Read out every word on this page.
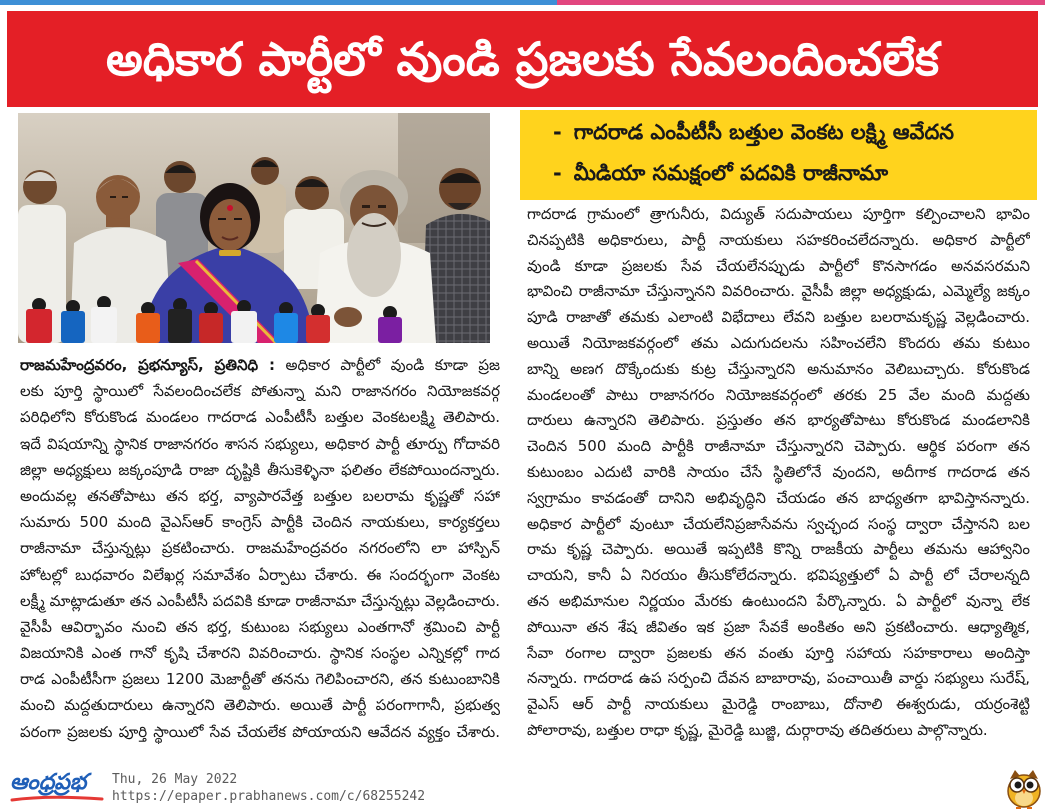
అధికార పార్టీలో వుండి ప్రజలకు సేవలందించలేక
- గాదరాడ ఎంపీటీసీ బత్తుల వెంకట లక్ష్మి ఆవేదన
- మీడియా సమక్షంలో పదవికి రాజీనామా
రాజమహేంద్రవరం, ప్రభన్యూస్, ప్రతినిధి : అధికార పార్టీలో వుండి కూడా ప్రజ
లకు పూర్తి స్థాయిలో సేవలందించలేక పోతున్నా మని రాజానగరం నియోజకవర్గ
పరిధిలోని కోరుకొండ మండలం గాదరాడ ఎంపీటీసీ బత్తుల వెంకటలక్ష్మి తెలిపారు.
ఇదే విషయాన్ని స్థానిక రాజానగరం శాసన సభ్యులు, అధికార పార్టీ తూర్పు గోదావరి
జిల్లా అధ్యక్షులు జక్కంపూడి రాజా దృష్టికి తీసుకెళ్ళినా ఫలితం లేకపోయిందన్నారు.
అందువల్ల తనతోపాటు తన భర్త, వ్యాపారవేత్త బత్తుల బలరామ కృష్ణతో సహా
సుమారు 500 మంది వైఎస్ఆర్ కాంగ్రెస్ పార్టీకి చెందిన నాయకులు, కార్యకర్తలు
రాజీనామా చేస్తున్నట్లు ప్రకటించారు. రాజమహేంద్రవరం నగరంలోని లా హాస్పిన్
హోటల్లో బుధవారం విలేఖర్ల సమావేశం ఏర్పాటు చేశారు. ఈ సందర్భంగా వెంకట
లక్ష్మీ మాట్లాడుతూ తన ఎంపీటీసీ పదవికి కూడా రాజీనామా చేస్తున్నట్లు వెల్లడించారు.
వైసీపీ ఆవిర్భావం నుంచి తన భర్త, కుటుంబ సభ్యులు ఎంతగానో శ్రమించి పార్టీ
విజయానికి ఎంత గానో కృషి చేశారని వివరించారు. స్థానిక సంస్థల ఎన్నికల్లో గాద
రాడ ఎంపీటీసీగా ప్రజలు 1200 మెజార్టీతో తనను గెలిపించారని, తన కుటుంబానికి
మంచి మద్దతుదారులు ఉన్నారని తెలిపారు. అయితే పార్టీ పరంగాగానీ, ప్రభుత్వ
పరంగా ప్రజలకు పూర్తి స్థాయిలో సేవ చేయలేక పోయాయని ఆవేదన వ్యక్తం చేశారు.
గాదరాడ గ్రామంలో త్రాగునీరు, విద్యుత్ సదుపాయలు పూర్తిగా కల్పించాలని భావిం
చినప్పటికి అధికారులు, పార్టీ నాయకులు సహకరించలేదన్నారు. అధికార పార్టీలో
వుండి కూడా ప్రజలకు సేవ చేయలేనప్పుడు పార్టీలో కొనసాగడం అనవసరమని
భావించి రాజీనామా చేస్తున్నానని వివరించారు. వైసీపీ జిల్లా అధ్యక్షుడు, ఎమ్మెల్యే జక్కం
పూడి రాజాతో తమకు ఎలాంటి విభేదాలు లేవని బత్తుల బలరామకృష్ణ వెల్లడించారు.
అయితే నియోజకవర్గంలో తమ ఎదుగుదలను సహించలేని కొందరు తమ కుటుం
బాన్ని అణగ దొక్కేందుకు కుట్ర చేస్తున్నారని అనుమానం వెలిబుచ్చారు. కోరుకొండ
మండలంతో పాటు రాజానగరం నియోజకవర్గంలో తరకు 25 వేల మంది మద్దతు
దారులు ఉన్నారని తెలిపారు. ప్రస్తుతం తన భార్యతోపాటు కోరుకొండ మండలానికి
చెందిన 500 మంది పార్టీకి రాజీనామా చేస్తున్నారని చెప్పారు. ఆర్థిక పరంగా తన
కుటుంబం ఎదుటి వారికి సాయం చేసే స్థితిలోనే వుందని, అదీగాక గాదరాడ తన
స్వగ్రామం కావడంతో దానిని అభివృద్ధిని చేయడం తన బాధ్యతగా భావిస్తానన్నారు.
అధికార పార్టీలో వుంటూ చేయలేనిప్రజాసేవను స్వచ్ఛంద సంస్థ ద్వారా చేస్తానని బల
రామ కృష్ణ చెప్పారు. అయితే ఇప్పటికి కొన్ని రాజకీయ పార్టీలు తమను ఆహ్వానిం
చాయని, కానీ ఏ నిరయం తీసుకోలేదన్నారు. భవిష్యత్తులో ఏ పార్టీ లో చేరాలన్నది
తన అభిమానుల నిర్ణయం మేరకు ఉంటుందని పేర్కొన్నారు. ఏ పార్టీలో వున్నా లేక
పోయినా తన శేష జీవితం ఇక ప్రజా సేవకే అంకితం అని ప్రకటించారు. ఆధ్యాత్మిక,
సేవా రంగాల ద్వారా ప్రజలకు తన వంతు పూర్తి సహాయ సహకారాలు అందిస్తా
నన్నారు. గాదరాడ ఉప సర్పంచి దేవన బాబారావు, పంచాయితీ వార్డు సభ్యులు సురేష్,
వైఎస్ ఆర్ పార్టీ నాయకులు మైరెడ్డి రాంబాబు, దోనాలి ఈశ్వరుడు, యర్రంశెట్టి
పోలారావు, బత్తుల రాధా కృష్ణ, మైరెడ్డి బుజ్జి, దుర్గారావు తదితరులు పాల్గొన్నారు.
ఆంధ్రప్రభ	Thu, 26 May 2022
https://epaper.prabhanews.com/c/68255242
